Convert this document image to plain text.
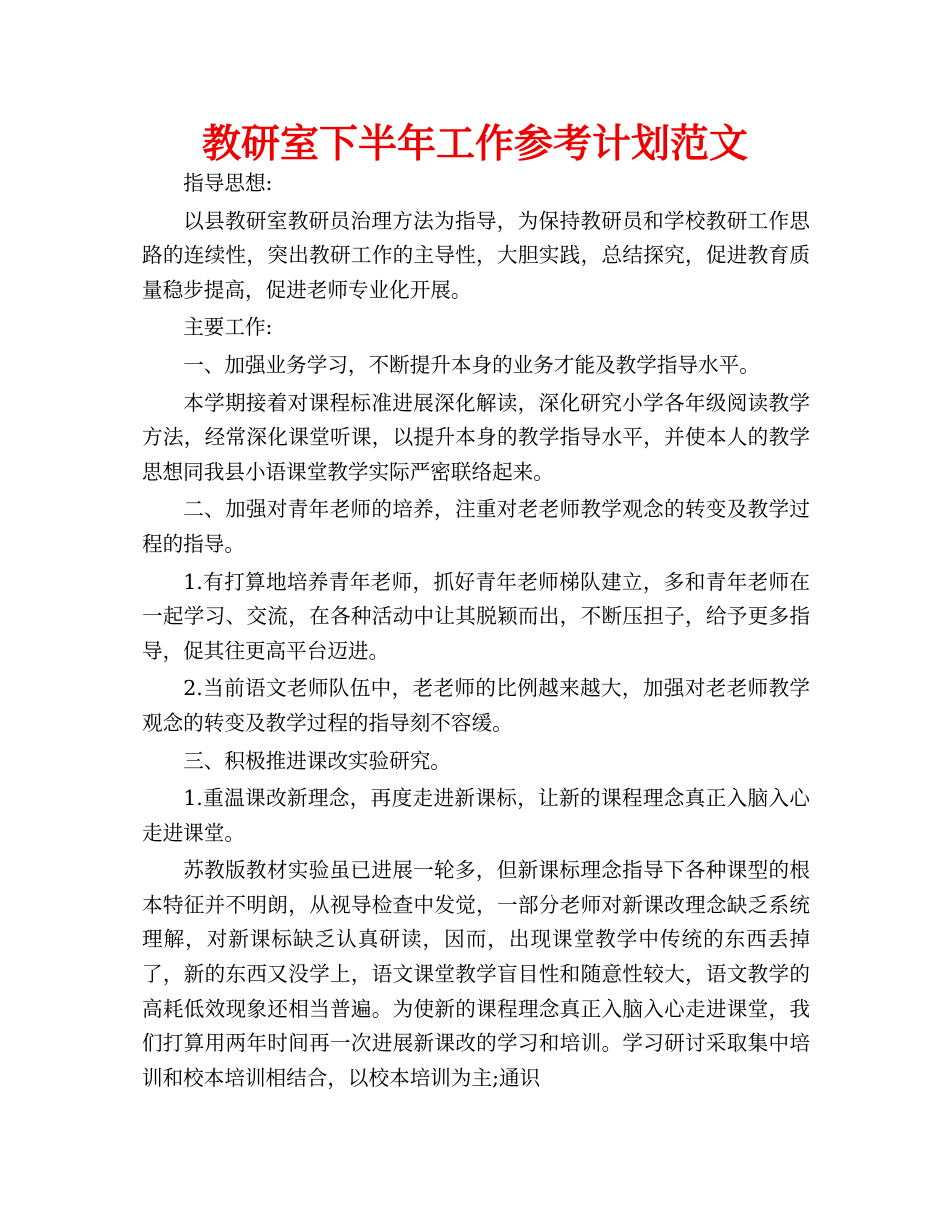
教研室下半年工作参考计划范文

指导思想:

以县教研室教研员治理方法为指导，为保持教研员和学校教研工作思路的连续性，突出教研工作的主导性，大胆实践，总结探究，促进教育质量稳步提高，促进老师专业化开展。

主要工作:

一、加强业务学习，不断提升本身的业务才能及教学指导水平。

本学期接着对课程标准进展深化解读，深化研究小学各年级阅读教学方法，经常深化课堂听课，以提升本身的教学指导水平，并使本人的教学思想同我县小语课堂教学实际严密联络起来。

二、加强对青年老师的培养，注重对老老师教学观念的转变及教学过程的指导。

1.有打算地培养青年老师，抓好青年老师梯队建立，多和青年老师在一起学习、交流，在各种活动中让其脱颖而出，不断压担子，给予更多指导，促其往更高平台迈进。

2.当前语文老师队伍中，老老师的比例越来越大，加强对老老师教学观念的转变及教学过程的指导刻不容缓。

三、积极推进课改实验研究。

1.重温课改新理念，再度走进新课标，让新的课程理念真正入脑入心走进课堂。

苏教版教材实验虽已进展一轮多，但新课标理念指导下各种课型的根本特征并不明朗，从视导检查中发觉，一部分老师对新课改理念缺乏系统理解，对新课标缺乏认真研读，因而，出现课堂教学中传统的东西丢掉了，新的东西又没学上，语文课堂教学盲目性和随意性较大，语文教学的高耗低效现象还相当普遍。为使新的课程理念真正入脑入心走进课堂，我们打算用两年时间再一次进展新课改的学习和培训。学习研讨采取集中培训和校本培训相结合，以校本培训为主;通识
